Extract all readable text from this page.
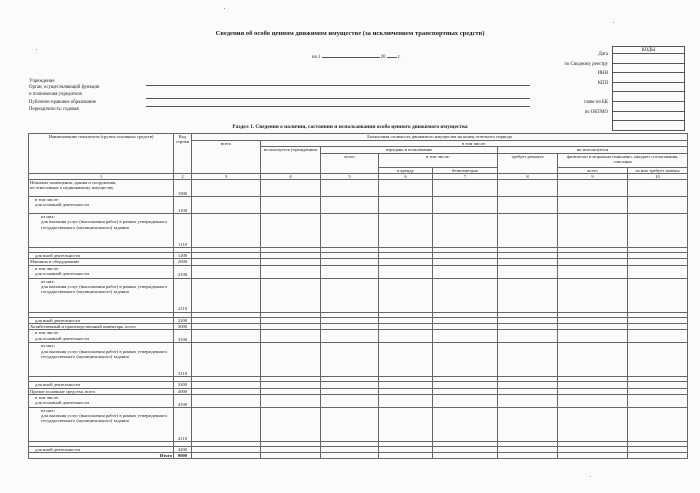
Сведения об особо ценном движимом имуществе (за исключением транспортных средств)
на 1	20	г.
Дата
по Сводному реестру
ИНН
КПП
главе по БК
по ОКТМО
КОДЫ

Учреждение
Орган, осуществляющий функции
и полномочия учредителя
Публично-правовое образование
Периодичность: годовая
Раздел 1. Сведения о наличии, состоянии и использовании особо ценного движимого имущества
Наименование показателя (группа основных средств)	Код строки	Балансовая стоимость движимого имущества на конец отчетного периода							
		всего	в том числе:						
			используется учреждением	передано в пользование			не используется		
				всего	в том числе:		требует ремонта	физически и морально изношено, ожидает согласования, списания	
					в аренду	безвозмездно		всего	из них требует замены
1	2	3	4	5	6	7	8	9	10
Нежилые помещения, здания и сооружения,
не отнесенные к недвижимому имуществу	1000								
в том числе:
для основной деятельности	1100								
из них:
для оказания услуг (выполнения работ) в рамках утвержденного государственного (муниципального) задания	1110								

для иной деятельности	1200								
Машины и оборудование	2000								
в том числе:
для основной деятельности	2100								
из них:
для оказания услуг (выполнения работ) в рамках утвержденного государственного (муниципального) задания	2110								

для иной деятельности	2200								
Хозяйственный и производственный инвентарь, всего	3000								
в том числе:
для основной деятельности	3100								
из них:
для оказания услуг (выполнения работ) в рамках утвержденного государственного (муниципального) задания	3110								

для иной деятельности	3200								
Прочие основные средства, всего	4000								
в том числе:
для основной деятельности	4100								
из них:
для оказания услуг (выполнения работ) в рамках утвержденного государственного (муниципального) задания	4110								

для иной деятельности	4200								
Итого	9000								
